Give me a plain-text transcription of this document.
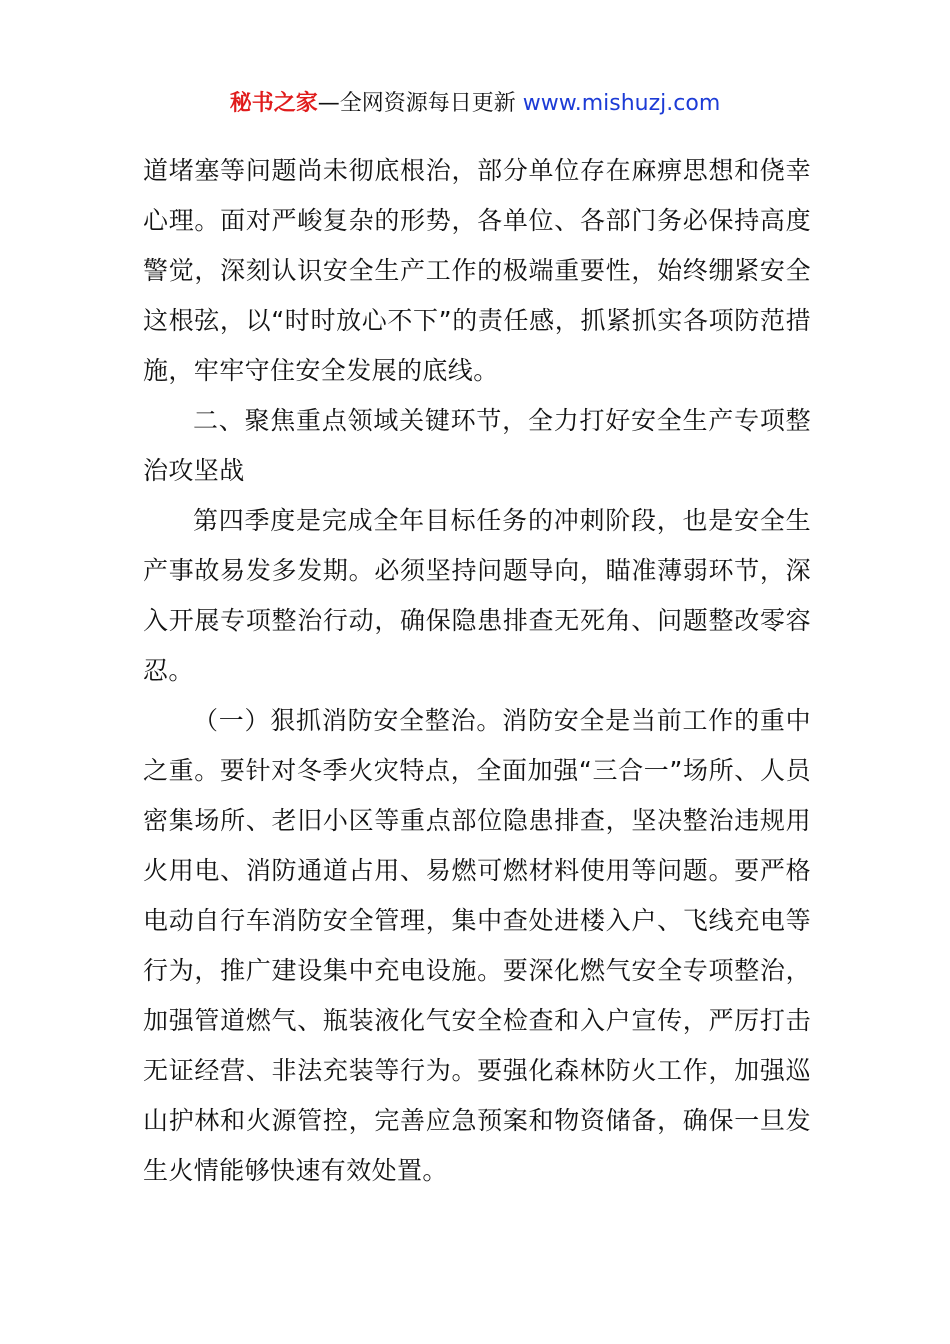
秘书之家—全网资源每日更新 www.mishuzj.com

道堵塞等问题尚未彻底根治，部分单位存在麻痹思想和侥幸心理。面对严峻复杂的形势，各单位、各部门务必保持高度警觉，深刻认识安全生产工作的极端重要性，始终绷紧安全这根弦，以“时时放心不下”的责任感，抓紧抓实各项防范措施，牢牢守住安全发展的底线。

二、聚焦重点领域关键环节，全力打好安全生产专项整治攻坚战

第四季度是完成全年目标任务的冲刺阶段，也是安全生产事故易发多发期。必须坚持问题导向，瞄准薄弱环节，深入开展专项整治行动，确保隐患排查无死角、问题整改零容忍。

（一）狠抓消防安全整治。消防安全是当前工作的重中之重。要针对冬季火灾特点，全面加强“三合一”场所、人员密集场所、老旧小区等重点部位隐患排查，坚决整治违规用火用电、消防通道占用、易燃可燃材料使用等问题。要严格电动自行车消防安全管理，集中查处进楼入户、飞线充电等行为，推广建设集中充电设施。要深化燃气安全专项整治，加强管道燃气、瓶装液化气安全检查和入户宣传，严厉打击无证经营、非法充装等行为。要强化森林防火工作，加强巡山护林和火源管控，完善应急预案和物资储备，确保一旦发生火情能够快速有效处置。
